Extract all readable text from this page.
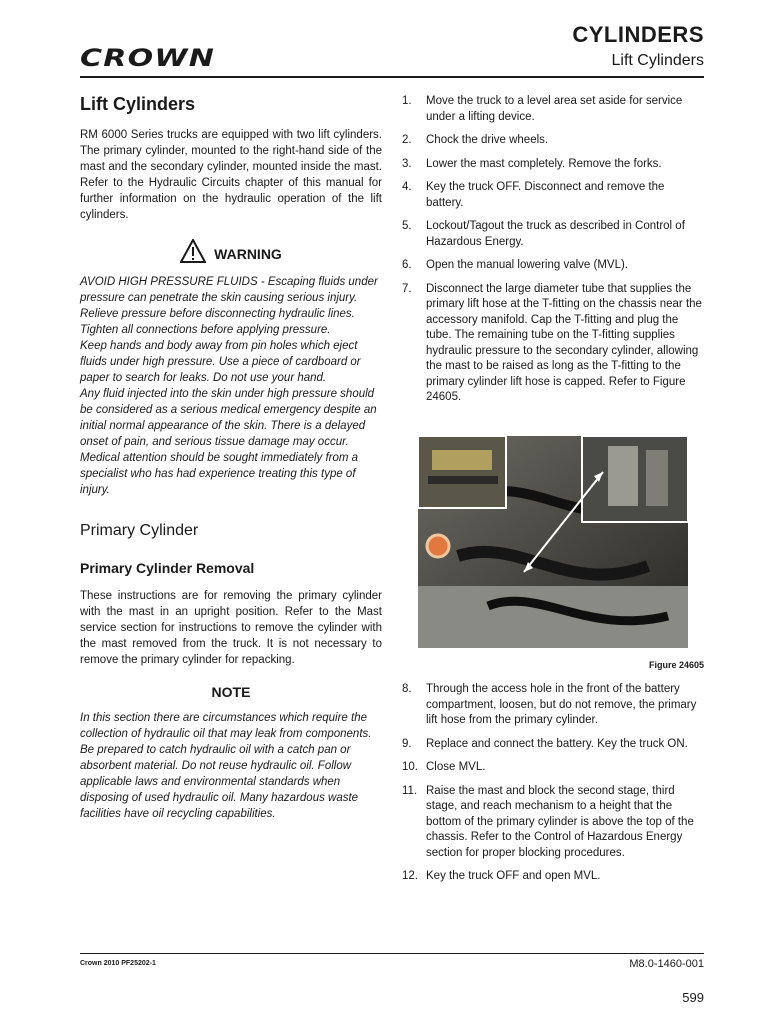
CROWN
CYLINDERS
Lift Cylinders
Lift Cylinders

RM 6000 Series trucks are equipped with two lift cylinders. The primary cylinder, mounted to the right-hand side of the mast and the secondary cylinder, mounted inside the mast. Refer to the Hydraulic Circuits chapter of this manual for further information on the hydraulic operation of the lift cylinders.

WARNING

AVOID HIGH PRESSURE FLUIDS - Escaping fluids under pressure can penetrate the skin causing serious injury. Relieve pressure before disconnecting hydraulic lines. Tighten all connections before applying pressure.

Keep hands and body away from pin holes which eject fluids under high pressure. Use a piece of cardboard or paper to search for leaks. Do not use your hand.

Any fluid injected into the skin under high pressure should be considered as a serious medical emergency despite an initial normal appearance of the skin. There is a delayed onset of pain, and serious tissue damage may occur. Medical attention should be sought immediately from a specialist who has had experience treating this type of injury.

Primary Cylinder
Primary Cylinder Removal

These instructions are for removing the primary cylinder with the mast in an upright position. Refer to the Mast service section for instructions to remove the cylinder with the mast removed from the truck. It is not necessary to remove the primary cylinder for repacking.

NOTE

In this section there are circumstances which require the collection of hydraulic oil that may leak from components. Be prepared to catch hydraulic oil with a catch pan or absorbent material. Do not reuse hydraulic oil. Follow applicable laws and environmental standards when disposing of used hydraulic oil. Many hazardous waste facilities have oil recycling capabilities.

1. Move the truck to a level area set aside for service under a lifting device.
2. Chock the drive wheels.
3. Lower the mast completely. Remove the forks.
4. Key the truck OFF. Disconnect and remove the battery.
5. Lockout/Tagout the truck as described in Control of Hazardous Energy.
6. Open the manual lowering valve (MVL).
7. Disconnect the large diameter tube that supplies the primary lift hose at the T-fitting on the chassis near the accessory manifold. Cap the T-fitting and plug the tube. The remaining tube on the T-fitting supplies hydraulic pressure to the secondary cylinder, allowing the mast to be raised as long as the T-fitting to the primary cylinder lift hose is capped. Refer to Figure 24605.
Figure 24605
8. Through the access hole in the front of the battery compartment, loosen, but do not remove, the primary lift hose from the primary cylinder.
9. Replace and connect the battery. Key the truck ON.
10. Close MVL.
11. Raise the mast and block the second stage, third stage, and reach mechanism to a height that the bottom of the primary cylinder is above the top of the chassis. Refer to the Control of Hazardous Energy section for proper blocking procedures.
12. Key the truck OFF and open MVL.
Crown 2010 PF25202-1	M8.0-1460-001
599
